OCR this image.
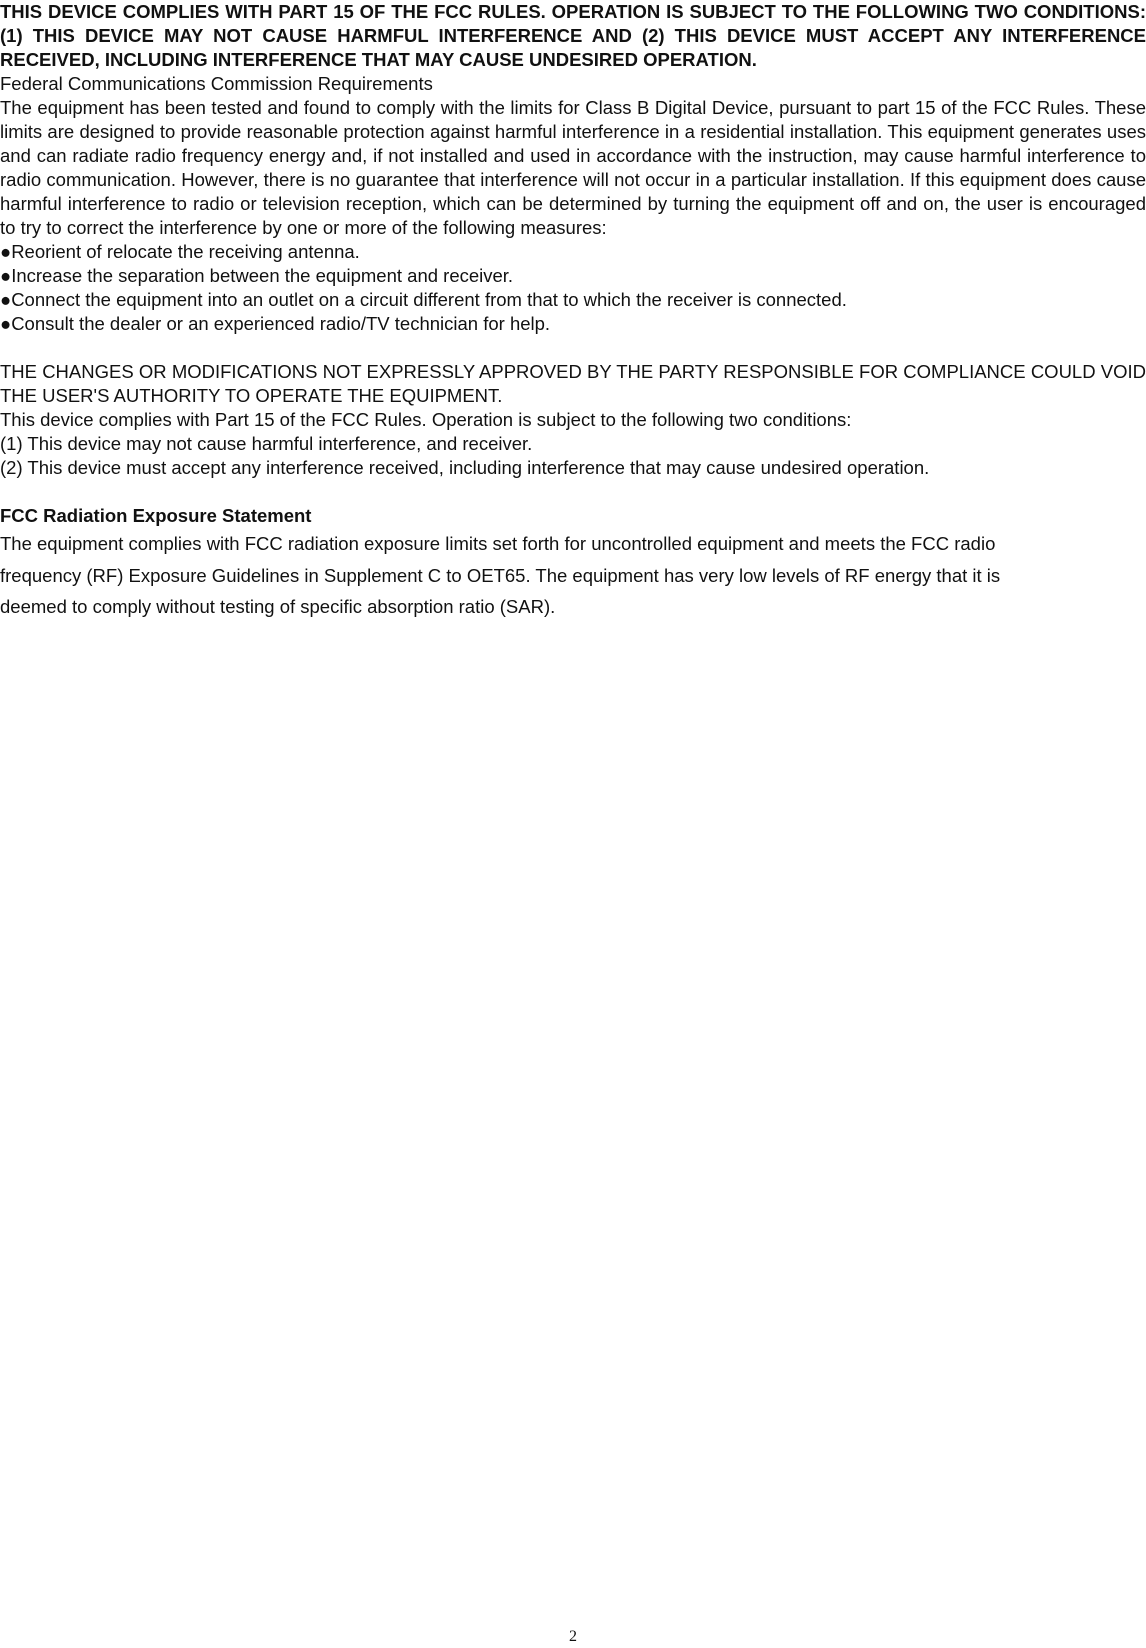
THIS DEVICE COMPLIES WITH PART 15 OF THE FCC RULES. OPERATION IS SUBJECT TO THE FOLLOWING TWO CONDITIONS: (1) THIS DEVICE MAY NOT CAUSE HARMFUL INTERFERENCE AND (2) THIS DEVICE MUST ACCEPT ANY INTERFERENCE RECEIVED, INCLUDING INTERFERENCE THAT MAY CAUSE UNDESIRED OPERATION.

Federal Communications Commission Requirements

The equipment has been tested and found to comply with the limits for Class B Digital Device, pursuant to part 15 of the FCC Rules. These limits are designed to provide reasonable protection against harmful interference in a residential installation. This equipment generates uses and can radiate radio frequency energy and, if not installed and used in accordance with the instruction, may cause harmful interference to radio communication. However, there is no guarantee that interference will not occur in a particular installation. If this equipment does cause harmful interference to radio or television reception, which can be determined by turning the equipment off and on, the user is encouraged to try to correct the interference by one or more of the following measures:

●Reorient of relocate the receiving antenna.

●Increase the separation between the equipment and receiver.

●Connect the equipment into an outlet on a circuit different from that to which the receiver is connected.

●Consult the dealer or an experienced radio/TV technician for help.

THE CHANGES OR MODIFICATIONS NOT EXPRESSLY APPROVED BY THE PARTY RESPONSIBLE FOR COMPLIANCE COULD VOID THE USER'S AUTHORITY TO OPERATE THE EQUIPMENT.

This device complies with Part 15 of the FCC Rules. Operation is subject to the following two conditions:

(1) This device may not cause harmful interference, and receiver.

(2) This device must accept any interference received, including interference that may cause undesired operation.

FCC Radiation Exposure Statement

The equipment complies with FCC radiation exposure limits set forth for uncontrolled equipment and meets the FCC radio

frequency (RF) Exposure Guidelines in Supplement C to OET65. The equipment has very low levels of RF energy that it is

deemed to comply without testing of specific absorption ratio (SAR).

2
